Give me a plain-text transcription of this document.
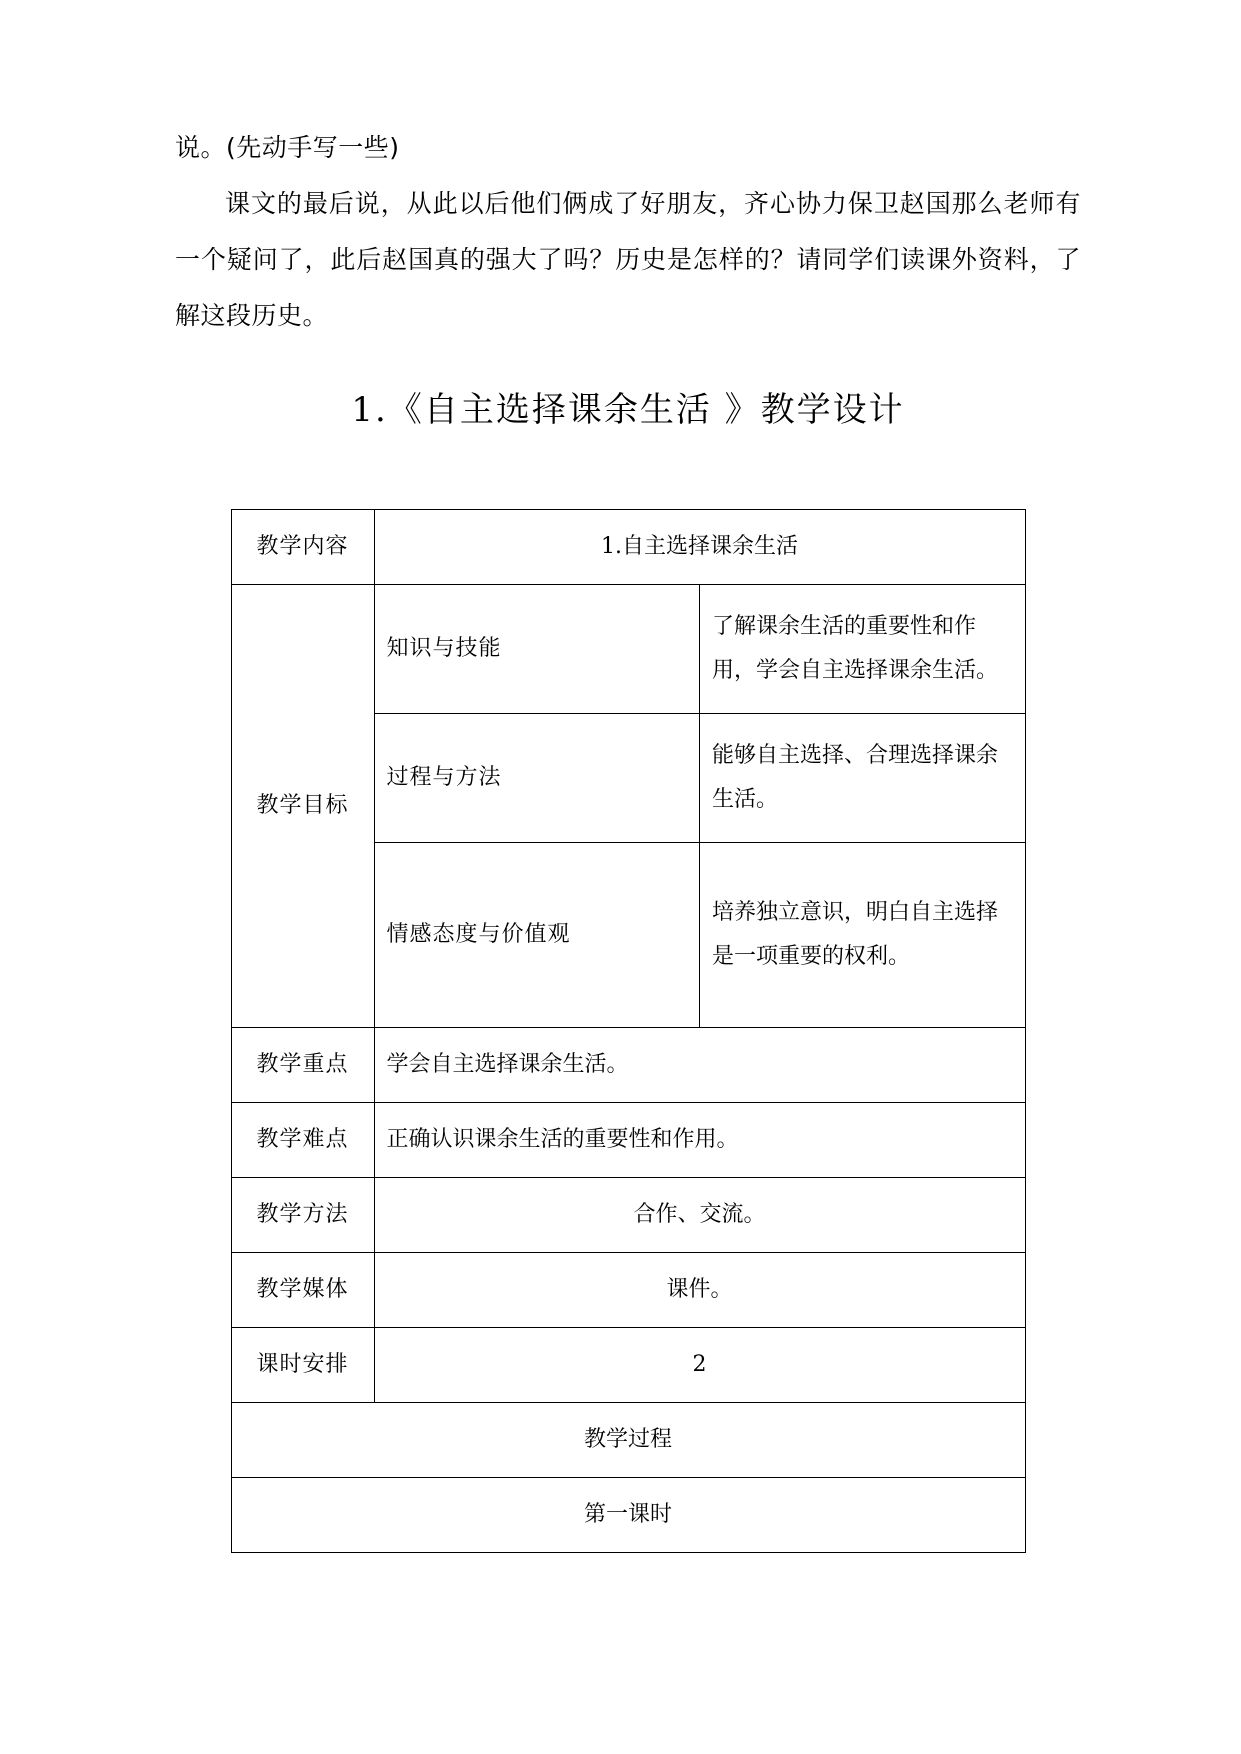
说。(先动手写一些)

课文的最后说，从此以后他们俩成了好朋友，齐心协力保卫赵国那么老师有一个疑问了，此后赵国真的强大了吗？历史是怎样的？请同学们读课外资料，了解这段历史。

1.《自主选择课余生活 》教学设计
教学内容	1.自主选择课余生活	
教学目标	知识与技能	了解课余生活的重要性和作用，学会自主选择课余生活。
	过程与方法	能够自主选择、合理选择课余生活。
	情感态度与价值观	培养独立意识，明白自主选择是一项重要的权利。
教学重点	学会自主选择课余生活。	
教学难点	正确认识课余生活的重要性和作用。	
教学方法	合作、交流。	
教学媒体	课件。	
课时安排	2	
教学过程		
第一课时		
